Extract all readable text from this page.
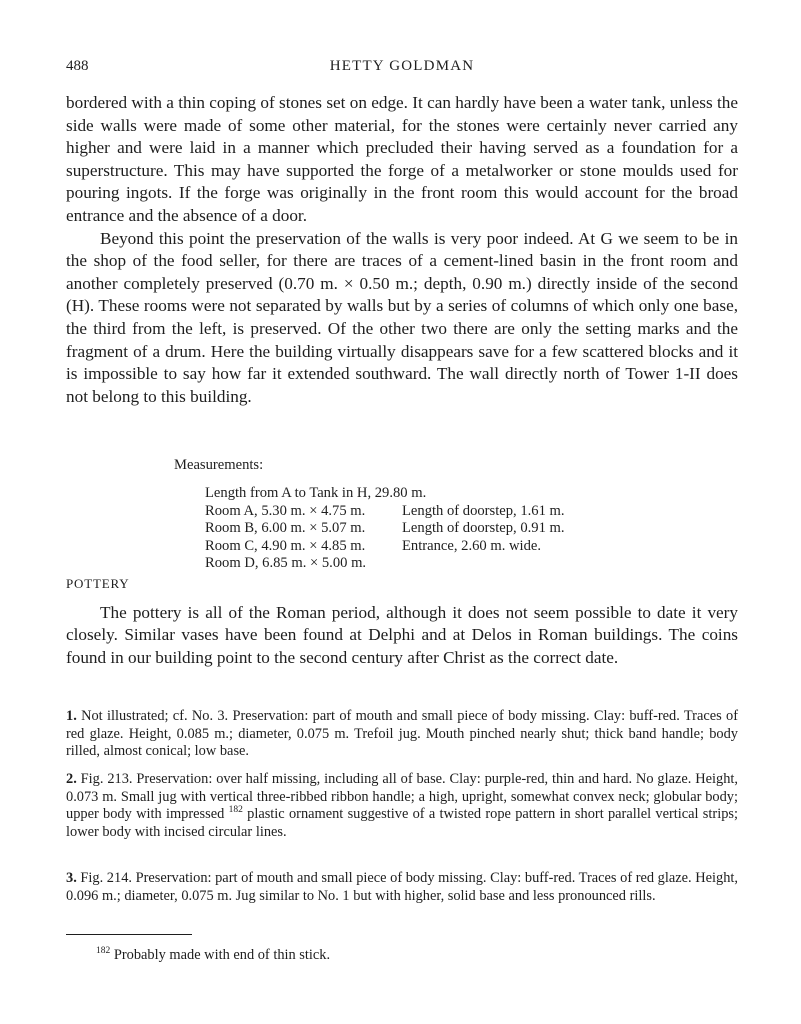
488	HETTY GOLDMAN

bordered with a thin coping of stones set on edge. It can hardly have been a water tank, unless the side walls were made of some other material, for the stones were certainly never carried any higher and were laid in a manner which precluded their having served as a foundation for a superstructure. This may have supported the forge of a metalworker or stone moulds used for pouring ingots. If the forge was originally in the front room this would account for the broad entrance and the absence of a door.

Beyond this point the preservation of the walls is very poor indeed. At G we seem to be in the shop of the food seller, for there are traces of a cement-lined basin in the front room and another completely preserved (0.70 m. × 0.50 m.; depth, 0.90 m.) directly inside of the second (H). These rooms were not separated by walls but by a series of columns of which only one base, the third from the left, is preserved. Of the other two there are only the setting marks and the fragment of a drum. Here the building virtually disappears save for a few scattered blocks and it is impossible to say how far it extended southward. The wall directly north of Tower 1-II does not belong to this building.

Measurements:
Length from A to Tank in H, 29.80 m.
Room A, 5.30 m. × 4.75 m.	Length of doorstep, 1.61 m.
Room B, 6.00 m. × 5.07 m.	Length of doorstep, 0.91 m.
Room C, 4.90 m. × 4.85 m.	Entrance, 2.60 m. wide.
Room D, 6.85 m. × 5.00 m.
POTTERY

The pottery is all of the Roman period, although it does not seem possible to date it very closely. Similar vases have been found at Delphi and at Delos in Roman buildings. The coins found in our building point to the second century after Christ as the correct date.

1. Not illustrated; cf. No. 3. Preservation: part of mouth and small piece of body missing. Clay: buff-red. Traces of red glaze. Height, 0.085 m.; diameter, 0.075 m. Trefoil jug. Mouth pinched nearly shut; thick band handle; body rilled, almost conical; low base.

2. Fig. 213. Preservation: over half missing, including all of base. Clay: purple-red, thin and hard. No glaze. Height, 0.073 m. Small jug with vertical three-ribbed ribbon handle; a high, upright, somewhat convex neck; globular body; upper body with impressed $^{182}$ plastic ornament suggestive of a twisted rope pattern in short parallel vertical strips; lower body with incised circular lines.

3. Fig. 214. Preservation: part of mouth and small piece of body missing. Clay: buff-red. Traces of red glaze. Height, 0.096 m.; diameter, 0.075 m. Jug similar to No. 1 but with higher, solid base and less pronounced rills.

$^{182}$ Probably made with end of thin stick.
